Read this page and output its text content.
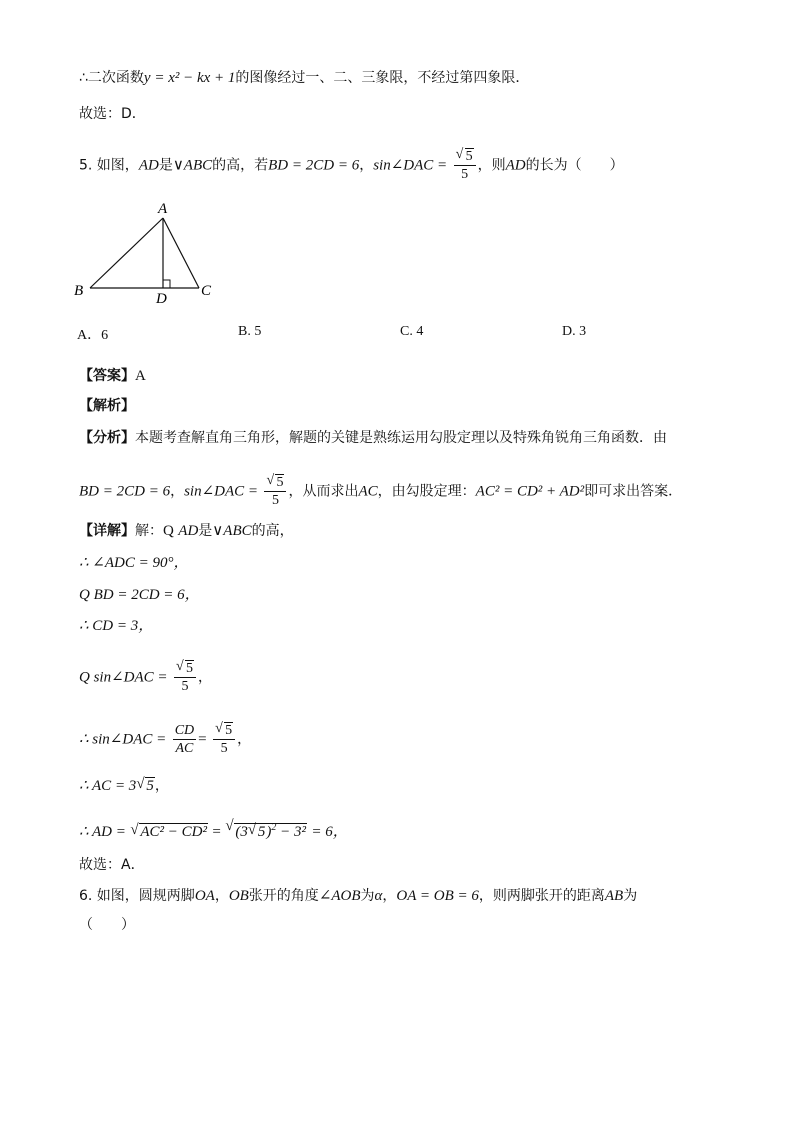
∴二次函数y = x² − kx + 1的图像经过一、二、三象限，不经过第四象限．
故选：D．
5. 如图，AD是∨ABC的高，若BD = 2CD = 6，sin∠DAC = √ $\frac{5}{5}$ ，则AD的长为（　　）
A
B	C
D
A．6	B. 5	C. 4	D. 3
【答案】A
【解析】
【分析】本题考查解直角三角形，解题的关键是熟练运用勾股定理以及特殊角锐角三角函数．由
BD = 2CD = 6，sin∠DAC = √ $\frac{5}{5}$ ，从而求出AC，由勾股定理：AC² = CD² + AD²即可求出答案．
【详解】解：Q AD是∨ABC的高，
∴ ∠ADC = 90°，
Q BD = 2CD = 6，
∴ CD = 3，
Q sin∠DAC = √ $\frac{5}{5}$ ，
∴ sin∠DAC = $\frac{CD}{AC}$ = √ $\frac{5}{5}$ ，
∴ AC = 3 √ 5，
∴ AD = √ AC² − CD² = √ (3 √ 5)$^2$ − 3² = 6，
故选：A．
6. 如图，圆规两脚OA，OB张开的角度∠AOB为α，OA = OB = 6，则两脚张开的距离AB为
（　　）
